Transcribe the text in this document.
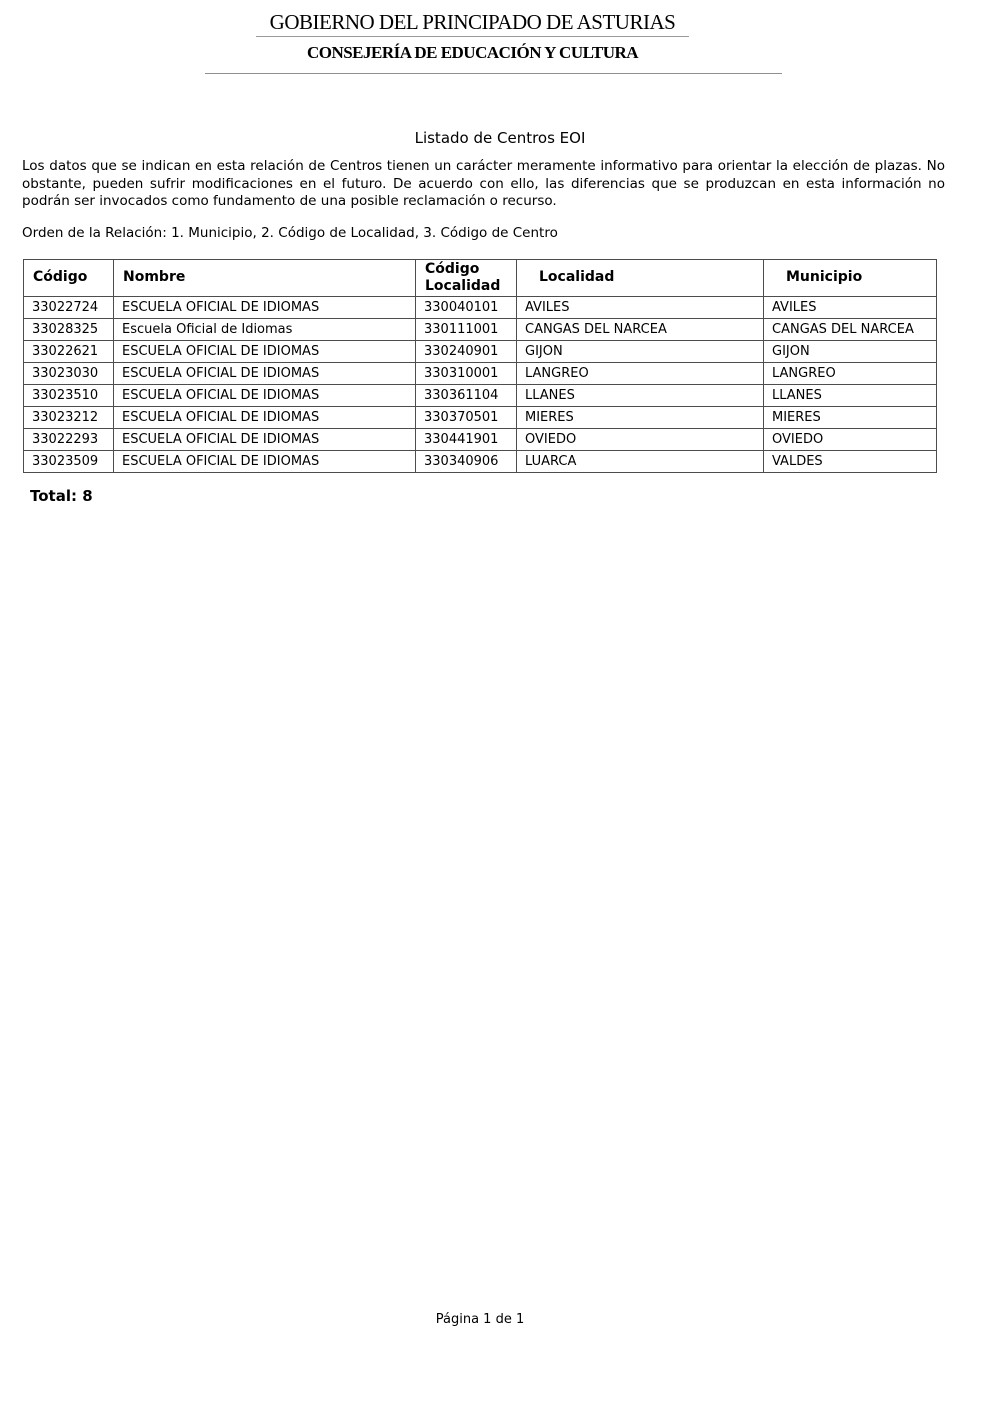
GOBIERNO DEL PRINCIPADO DE ASTURIAS
CONSEJERÍA DE EDUCACIÓN Y CULTURA
Listado de Centros EOI

Los datos que se indican en esta relación de Centros tienen un carácter meramente informativo para orientar la elección de plazas. No obstante, pueden sufrir modificaciones en el futuro. De acuerdo con ello, las diferencias que se produzcan en esta información no podrán ser invocados como fundamento de una posible reclamación o recurso.

Orden de la Relación: 1. Municipio, 2. Código de Localidad, 3. Código de Centro

Código	Nombre	Código Localidad	Localidad	Municipio
33022724	ESCUELA OFICIAL DE IDIOMAS	330040101	AVILES	AVILES
33028325	Escuela Oficial de Idiomas	330111001	CANGAS DEL NARCEA	CANGAS DEL NARCEA
33022621	ESCUELA OFICIAL DE IDIOMAS	330240901	GIJON	GIJON
33023030	ESCUELA OFICIAL DE IDIOMAS	330310001	LANGREO	LANGREO
33023510	ESCUELA OFICIAL DE IDIOMAS	330361104	LLANES	LLANES
33023212	ESCUELA OFICIAL DE IDIOMAS	330370501	MIERES	MIERES
33022293	ESCUELA OFICIAL DE IDIOMAS	330441901	OVIEDO	OVIEDO
33023509	ESCUELA OFICIAL DE IDIOMAS	330340906	LUARCA	VALDES
Total: 8
Página 1 de 1
